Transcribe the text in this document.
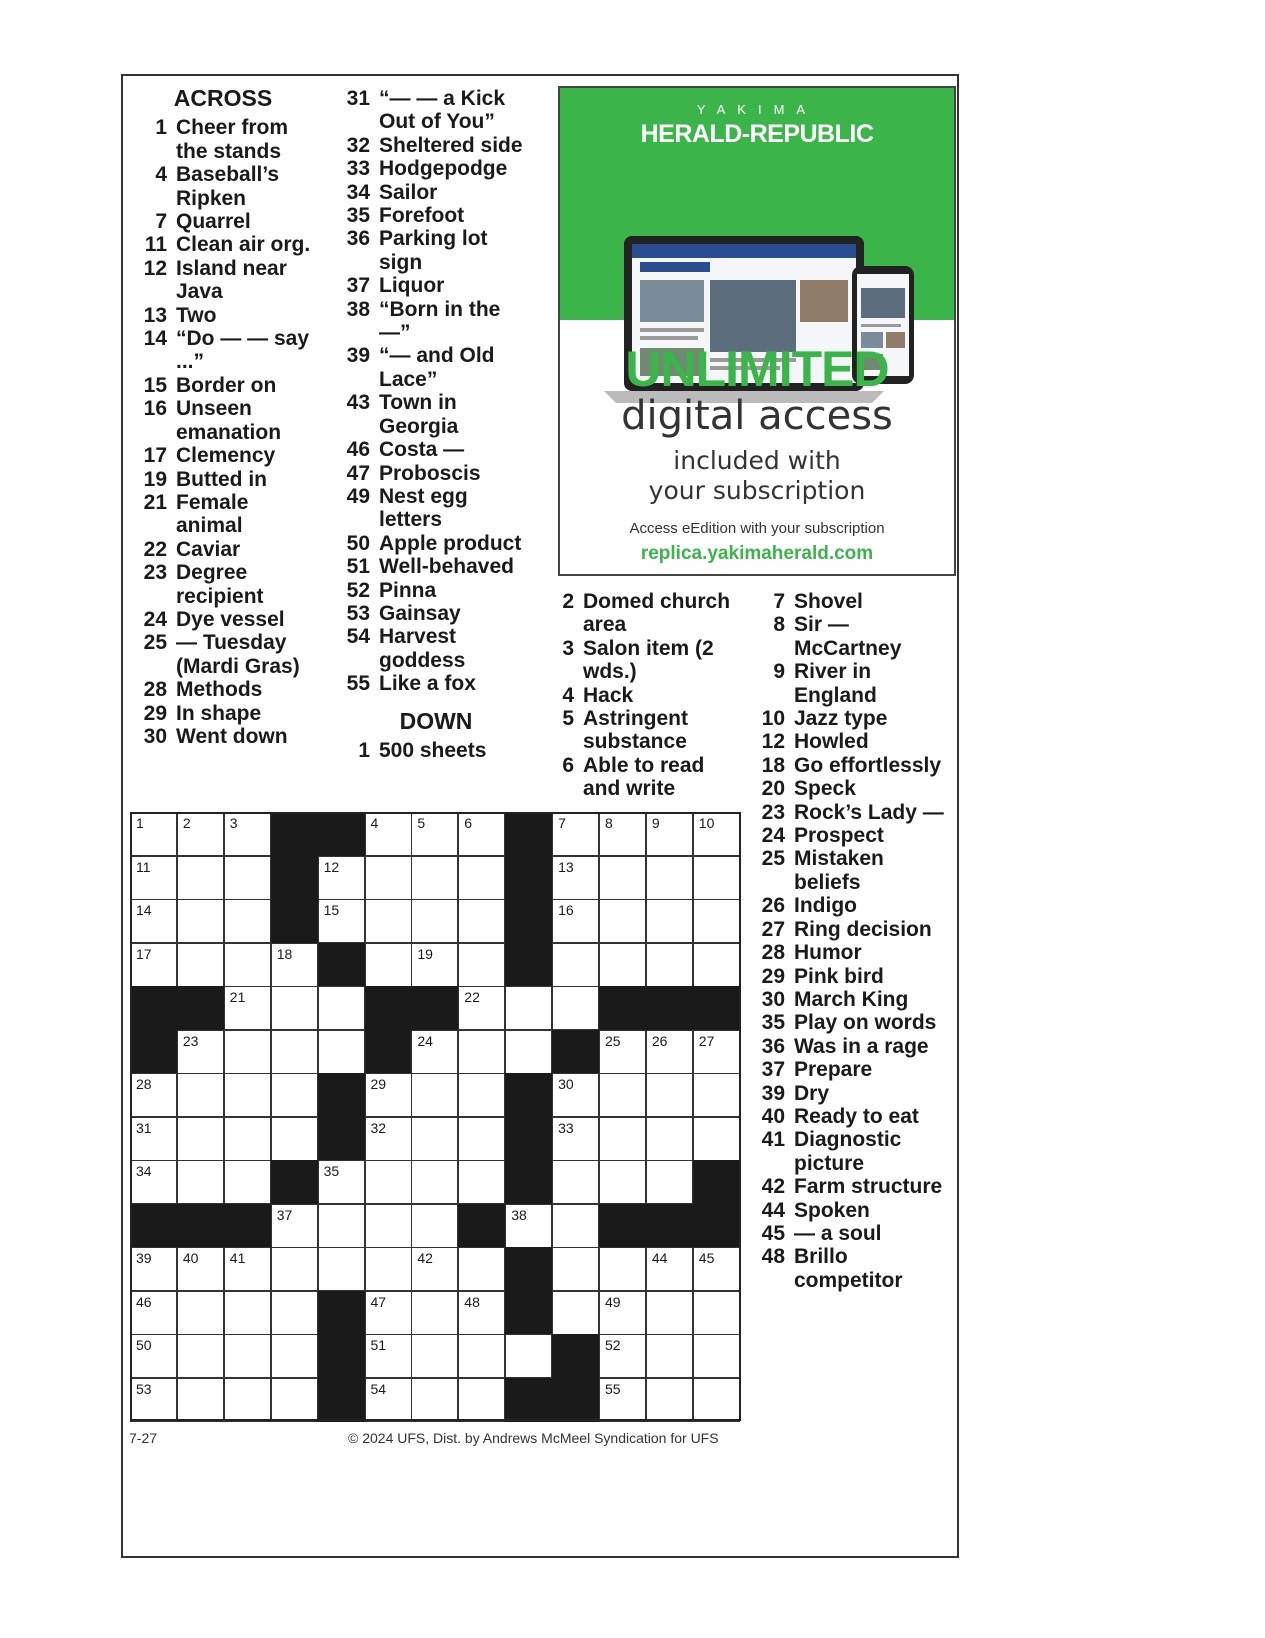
ACROSS
1 Cheer from the stands
4 Baseball’s Ripken
7 Quarrel
11 Clean air org.
12 Island near Java
13 Two
14 “Do — — say ...”
15 Border on
16 Unseen emanation
17 Clemency
19 Butted in
21 Female animal
22 Caviar
23 Degree recipient
24 Dye vessel
25 — Tuesday (Mardi Gras)
28 Methods
29 In shape
30 Went down
31 “— — a Kick Out of You”
32 Sheltered side
33 Hodgepodge
34 Sailor
35 Forefoot
36 Parking lot sign
37 Liquor
38 “Born in the —”
39 “— and Old Lace”
43 Town in Georgia
46 Costa —
47 Proboscis
49 Nest egg letters
50 Apple product
51 Well-behaved
52 Pinna
53 Gainsay
54 Harvest goddess
55 Like a fox
DOWN
1 500 sheets
2 Domed church area
3 Salon item (2 wds.)
4 Hack
5 Astringent substance
6 Able to read and write
7 Shovel
8 Sir — McCartney
9 River in England
10 Jazz type
12 Howled
18 Go effortlessly
20 Speck
23 Rock’s Lady —
24 Prospect
25 Mistaken beliefs
26 Indigo
27 Ring decision
28 Humor
29 Pink bird
30 March King
35 Play on words
36 Was in a rage
37 Prepare
39 Dry
40 Ready to eat
41 Diagnostic picture
42 Farm structure
44 Spoken
45 — a soul
48 Brillo competitor
YAKIMA
HERALD-REPUBLIC
UNLIMITED
digital access
included with
your subscription
Access eEdition with your subscription
replica.yakimaherald.com
1	2	3	4	5	6	7	8	9	10
11	12	13
14	15	16
17	18	19
21	22
23	24	25 26 27
28	29	30
31	32	33
34	35
37	38
39 40 41	42	44 45
46	47	48	49
50	51	52
53	54	55
7-27	© 2024 UFS, Dist. by Andrews McMeel Syndication for UFS
